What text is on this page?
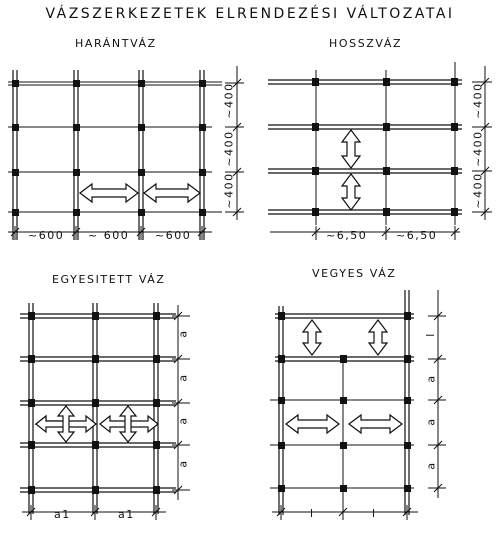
VÁZSZERKEZETEK ELRENDEZÉSI VÁLTOZATAI
HARÁNTVÁZ	HOSSZVÁZ
EGYESITETT VÁZ	VEGYES VÁZ
~600 ~ 600 ~600
~400
~400
~400
~6,50	~6,50
~400
~400
~400
a1	a1
a
a
a
a
l	l
l
a
a
a
